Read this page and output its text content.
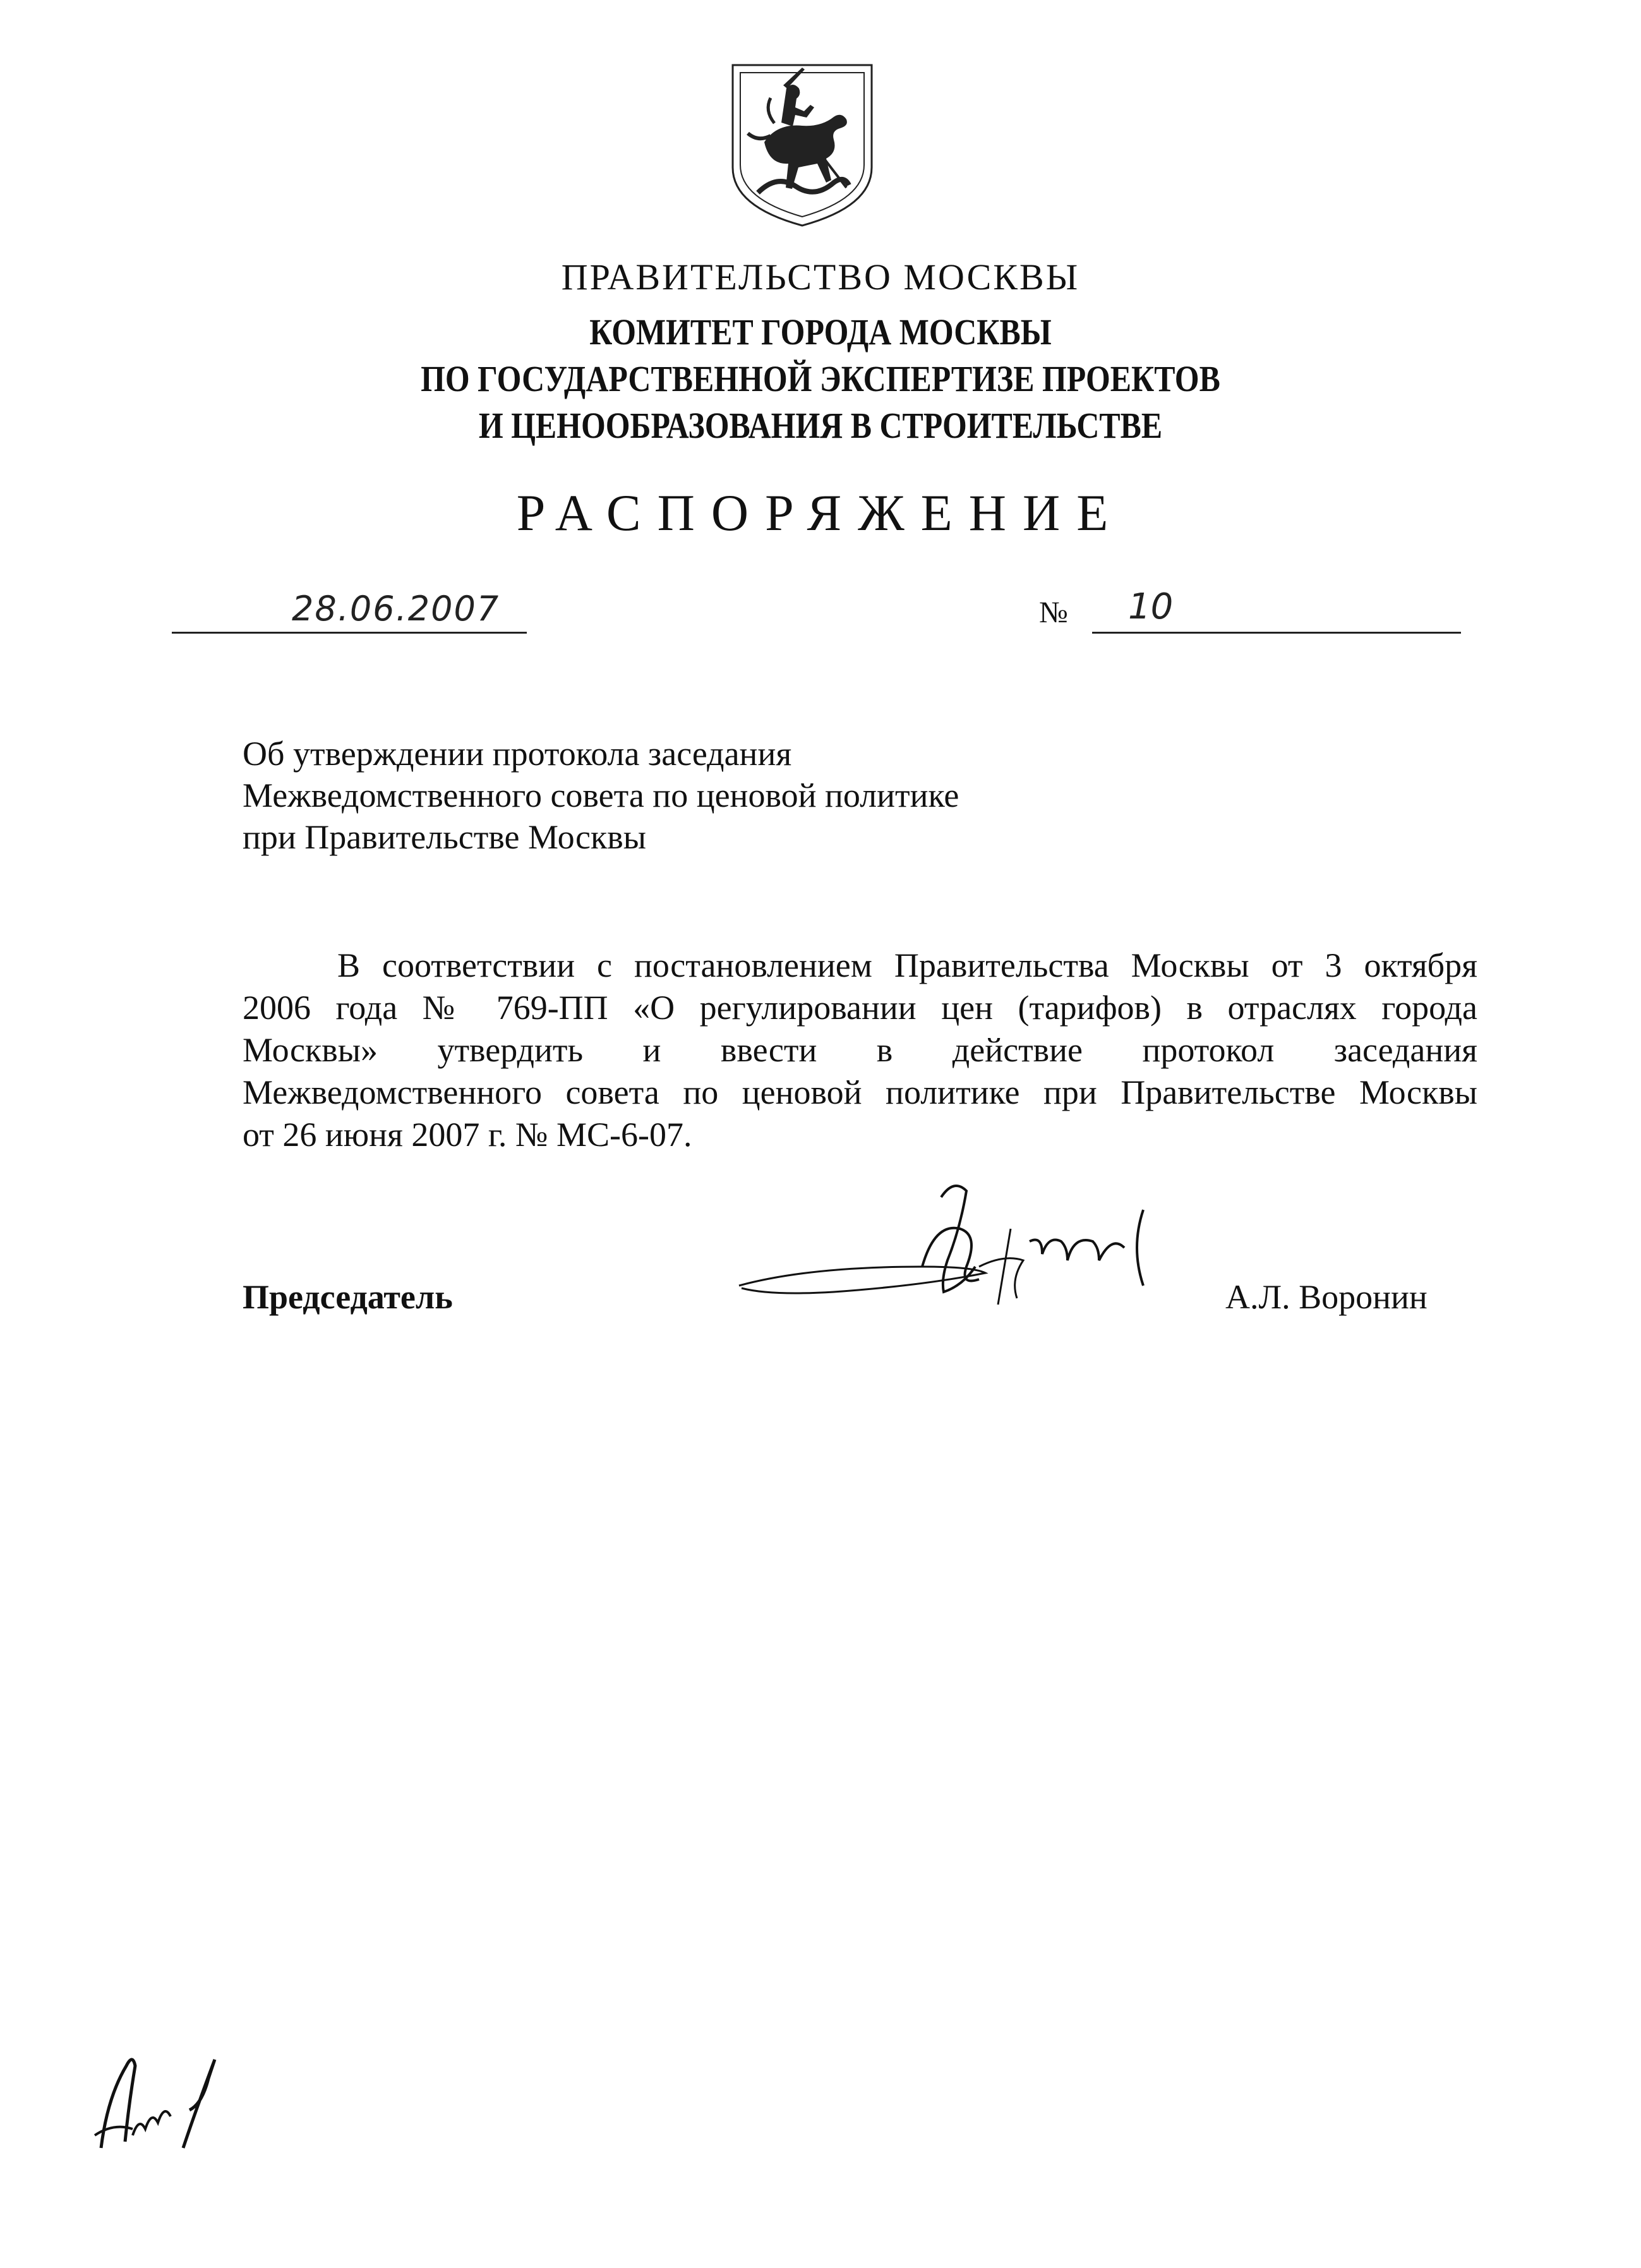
ПРАВИТЕЛЬСТВО МОСКВЫ
КОМИТЕТ ГОРОДА МОСКВЫ
ПО ГОСУДАРСТВЕННОЙ ЭКСПЕРТИЗЕ ПРОЕКТОВ
И ЦЕНООБРАЗОВАНИЯ В СТРОИТЕЛЬСТВЕ
РАСПОРЯЖЕНИЕ
28.06.2007	№ 10
Об утверждении протокола заседания
Межведомственного совета по ценовой политике
при Правительстве Москвы
В соответствии с постановлением Правительства Москвы от 3 октября
2006 года № 769-ПП «О регулировании цен (тарифов) в отраслях города
Москвы» утвердить и ввести в действие протокол заседания
Межведомственного совета по ценовой политике при Правительстве Москвы
от 26 июня 2007 г. № МС-6-07.
Председатель	А.Л. Воронин
